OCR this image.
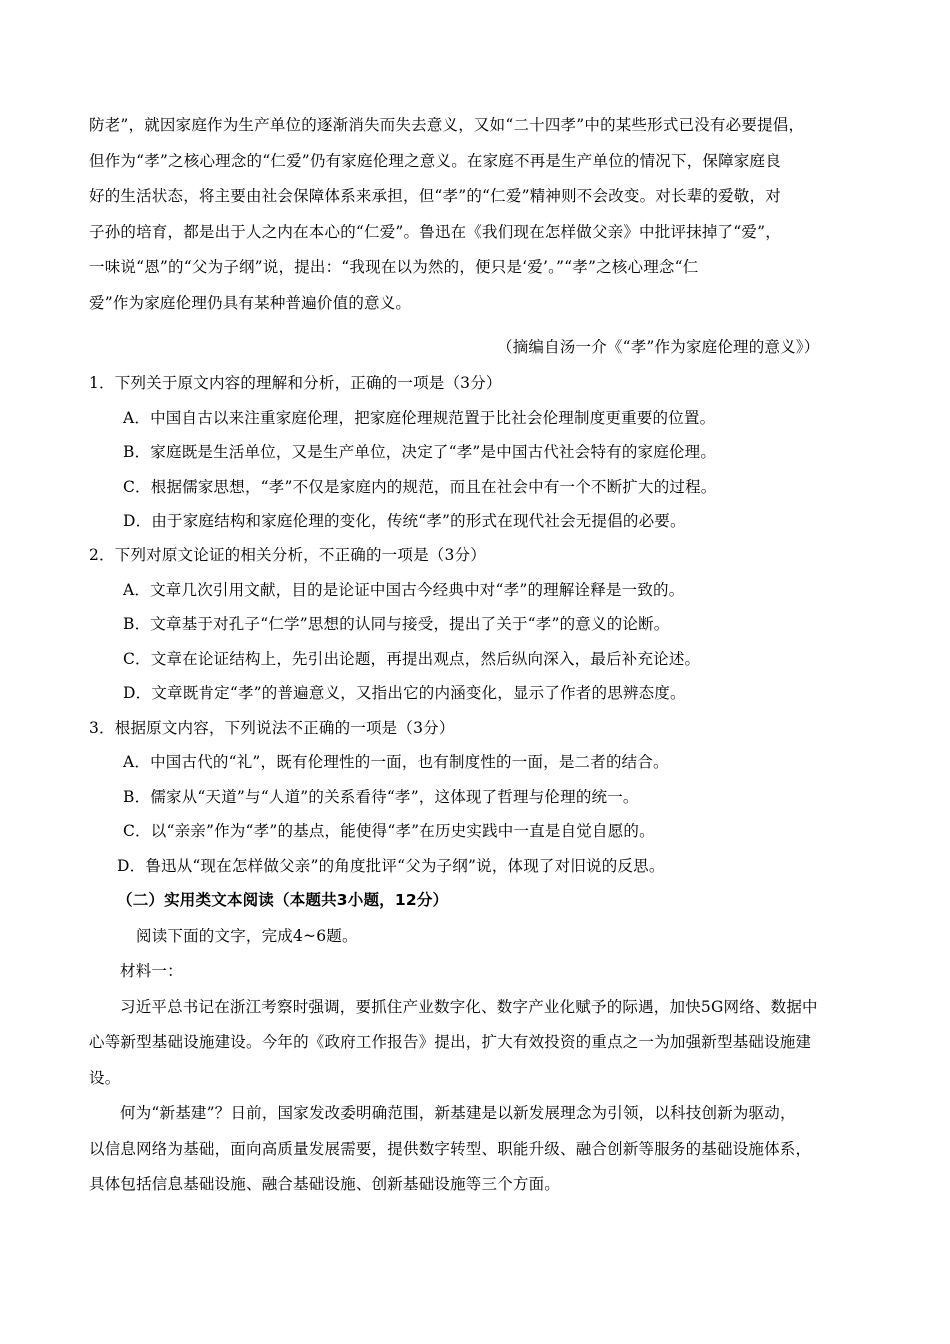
防老”，就因家庭作为生产单位的逐渐消失而失去意义，又如“二十四孝”中的某些形式已没有必要提倡，
但作为“孝”之核心理念的“仁爱”仍有家庭伦理之意义。在家庭不再是生产单位的情况下，保障家庭良
好的生活状态，将主要由社会保障体系来承担，但“孝”的“仁爱”精神则不会改变。对长辈的爱敬，对
子孙的培育，都是出于人之内在本心的“仁爱”。鲁迅在《我们现在怎样做父亲》中批评抹掉了“爱”，
一味说“恩”的“父为子纲”说，提出：“我现在以为然的，便只是‘爱’。”“孝”之核心理念“仁
爱”作为家庭伦理仍具有某种普遍价值的意义。
（摘编自汤一介《“孝”作为家庭伦理的意义》）
1．下列关于原文内容的理解和分析，正确的一项是（3分）
A．中国自古以来注重家庭伦理，把家庭伦理规范置于比社会伦理制度更重要的位置。
B．家庭既是生活单位，又是生产单位，决定了“孝”是中国古代社会特有的家庭伦理。
C．根据儒家思想，“孝”不仅是家庭内的规范，而且在社会中有一个不断扩大的过程。
D．由于家庭结构和家庭伦理的变化，传统“孝”的形式在现代社会无提倡的必要。
2．下列对原文论证的相关分析，不正确的一项是（3分）
A．文章几次引用文献，目的是论证中国古今经典中对“孝”的理解诠释是一致的。
B．文章基于对孔子“仁学”思想的认同与接受，提出了关于“孝”的意义的论断。
C．文章在论证结构上，先引出论题，再提出观点，然后纵向深入，最后补充论述。
D．文章既肯定“孝”的普遍意义，又指出它的内涵变化，显示了作者的思辨态度。
3．根据原文内容，下列说法不正确的一项是（3分）
A．中国古代的“礼”，既有伦理性的一面，也有制度性的一面，是二者的结合。
B．儒家从“天道”与“人道”的关系看待“孝”，这体现了哲理与伦理的统一。
C．以“亲亲”作为“孝”的基点，能使得“孝”在历史实践中一直是自觉自愿的。
D．鲁迅从“现在怎样做父亲”的角度批评“父为子纲”说，体现了对旧说的反思。
（二）实用类文本阅读（本题共3小题，12分）
阅读下面的文字，完成4~6题。
材料一：
习近平总书记在浙江考察时强调，要抓住产业数字化、数字产业化赋予的际遇，加快5G网络、数据中
心等新型基础设施建设。今年的《政府工作报告》提出，扩大有效投资的重点之一为加强新型基础设施建
设。
何为“新基建”？日前，国家发改委明确范围，新基建是以新发展理念为引领，以科技创新为驱动，
以信息网络为基础，面向高质量发展需要，提供数字转型、职能升级、融合创新等服务的基础设施体系，
具体包括信息基础设施、融合基础设施、创新基础设施等三个方面。
